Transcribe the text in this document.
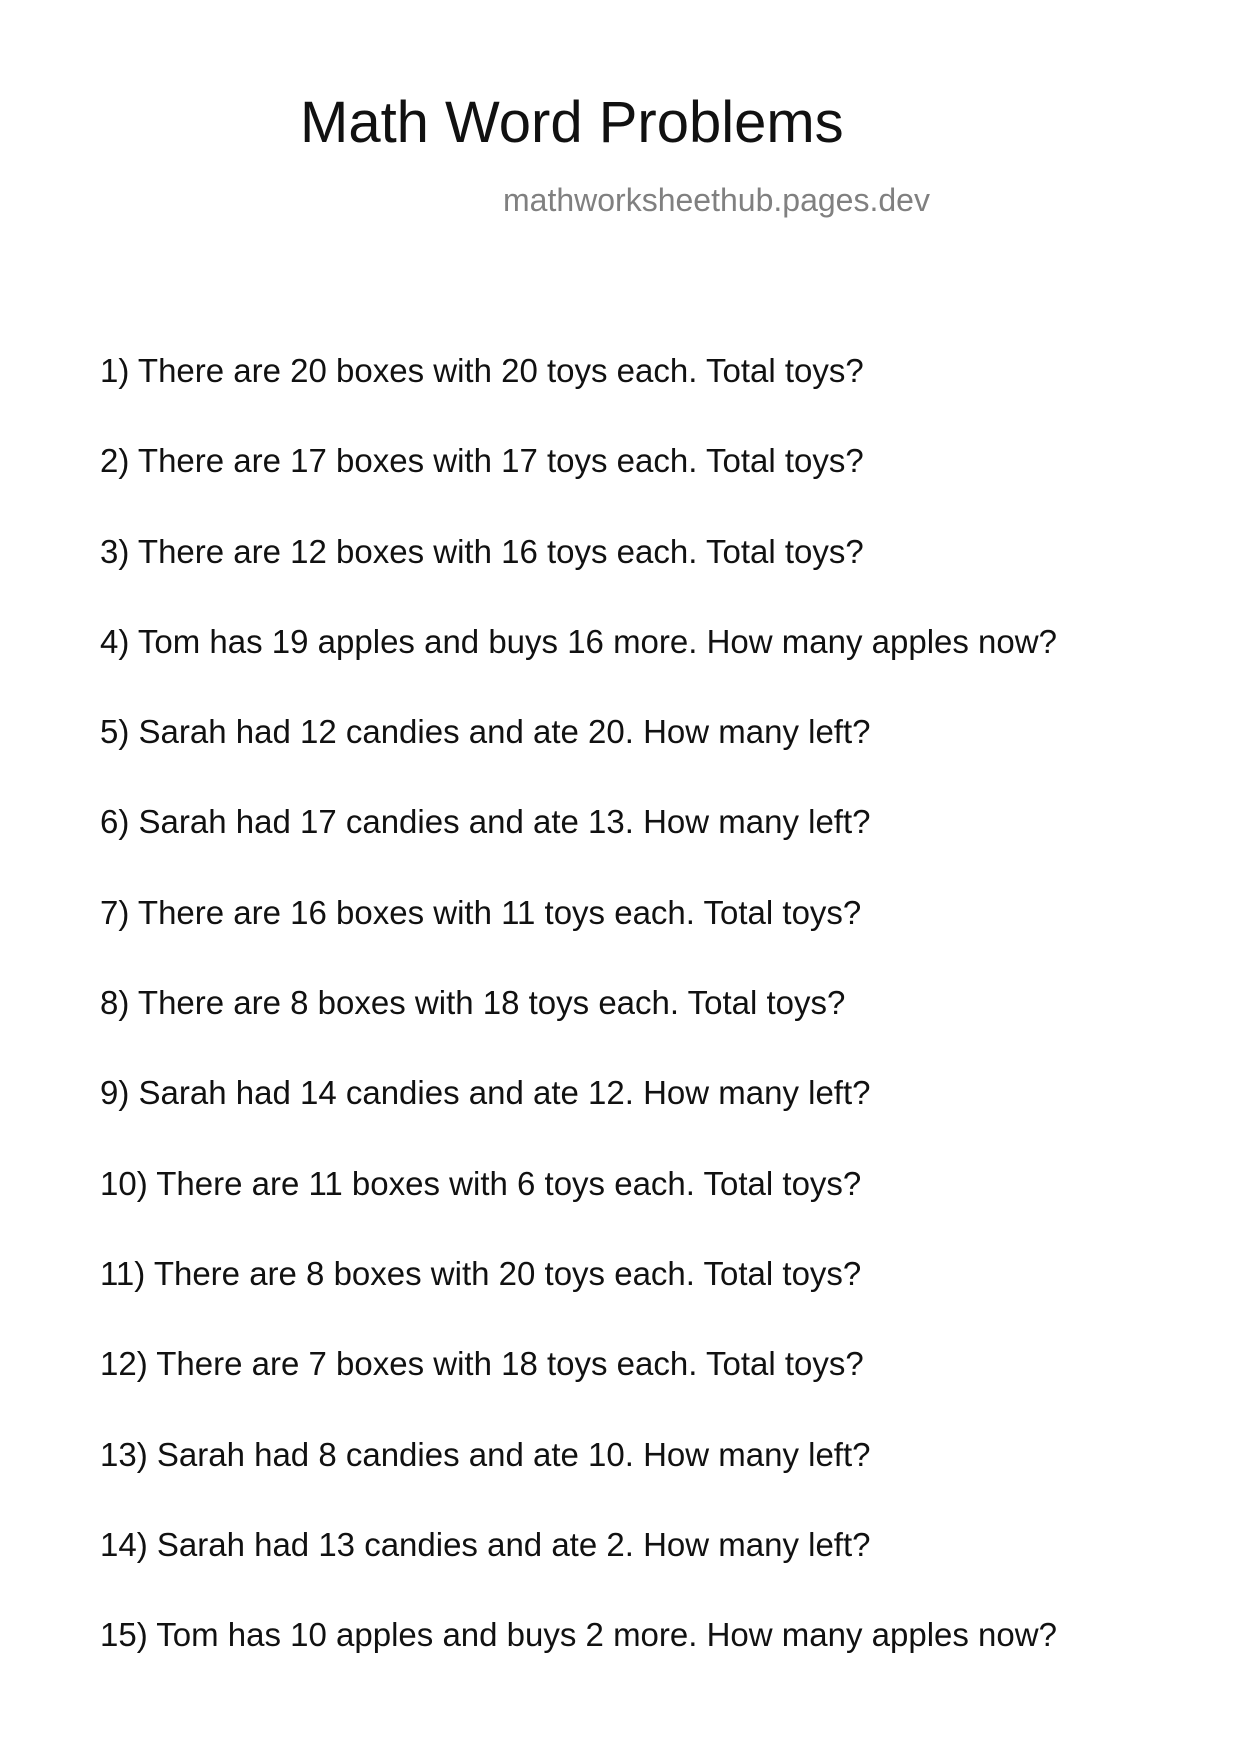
Math Word Problems
mathworksheethub.pages.dev
1) There are 20 boxes with 20 toys each. Total toys?
2) There are 17 boxes with 17 toys each. Total toys?
3) There are 12 boxes with 16 toys each. Total toys?
4) Tom has 19 apples and buys 16 more. How many apples now?
5) Sarah had 12 candies and ate 20. How many left?
6) Sarah had 17 candies and ate 13. How many left?
7) There are 16 boxes with 11 toys each. Total toys?
8) There are 8 boxes with 18 toys each. Total toys?
9) Sarah had 14 candies and ate 12. How many left?
10) There are 11 boxes with 6 toys each. Total toys?
11) There are 8 boxes with 20 toys each. Total toys?
12) There are 7 boxes with 18 toys each. Total toys?
13) Sarah had 8 candies and ate 10. How many left?
14) Sarah had 13 candies and ate 2. How many left?
15) Tom has 10 apples and buys 2 more. How many apples now?
